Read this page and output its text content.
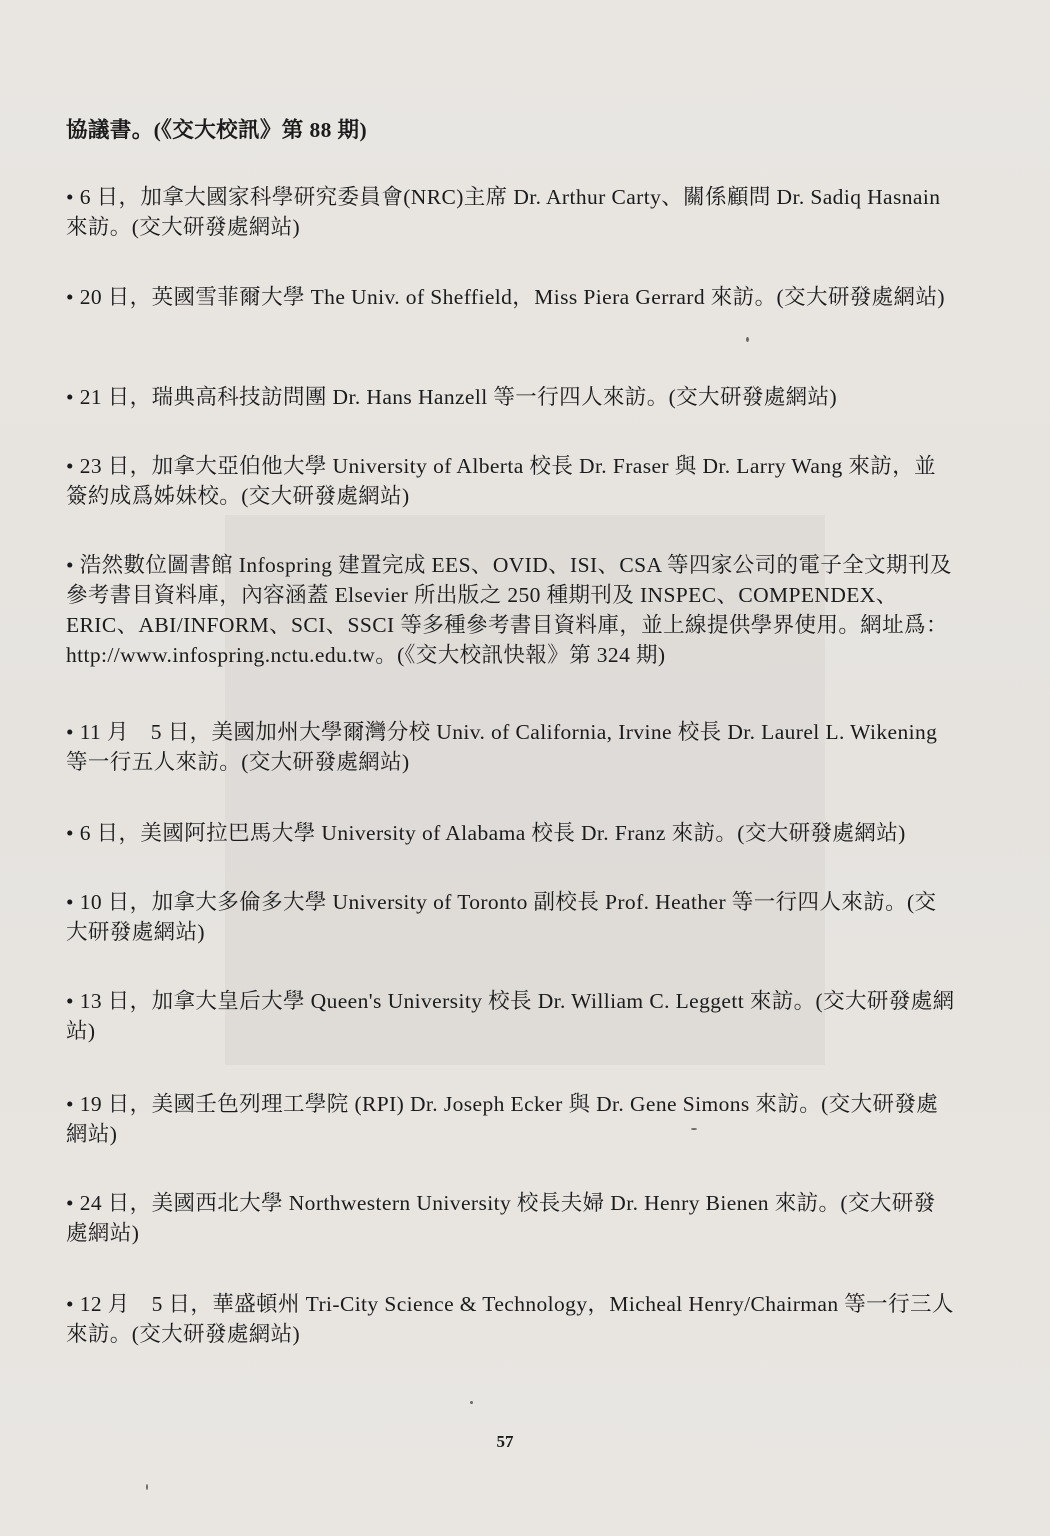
協議書。(《交大校訊》第 88 期)
• 6 日，加拿大國家科學研究委員會(NRC)主席 Dr. Arthur Carty、關係顧問 Dr. Sadiq Hasnain 來訪。(交大研發處網站)
• 20 日，英國雪菲爾大學 The Univ. of Sheffield，Miss Piera Gerrard 來訪。(交大研發處網站)
• 21 日，瑞典高科技訪問團 Dr. Hans Hanzell 等一行四人來訪。(交大研發處網站)
• 23 日，加拿大亞伯他大學 University of Alberta 校長 Dr. Fraser 與 Dr. Larry Wang 來訪，並簽約成爲姊妹校。(交大研發處網站)
• 浩然數位圖書館 Infospring 建置完成 EES、OVID、ISI、CSA 等四家公司的電子全文期刊及參考書目資料庫，內容涵蓋 Elsevier 所出版之 250 種期刊及 INSPEC、COMPENDEX、ERIC、ABI/INFORM、SCI、SSCI 等多種參考書目資料庫，並上線提供學界使用。網址爲：http://www.infospring.nctu.edu.tw。(《交大校訊快報》第 324 期)
• 11 月　5 日，美國加州大學爾灣分校 Univ. of California, Irvine 校長 Dr. Laurel L. Wikening 等一行五人來訪。(交大研發處網站)
• 6 日，美國阿拉巴馬大學 University of Alabama 校長 Dr. Franz 來訪。(交大研發處網站)
• 10 日，加拿大多倫多大學 University of Toronto 副校長 Prof. Heather 等一行四人來訪。(交大研發處網站)
• 13 日，加拿大皇后大學 Queen's University 校長 Dr. William C. Leggett 來訪。(交大研發處網站)
• 19 日，美國壬色列理工學院 (RPI) Dr. Joseph Ecker 與 Dr. Gene Simons 來訪。(交大研發處網站)
• 24 日，美國西北大學 Northwestern University 校長夫婦 Dr. Henry Bienen 來訪。(交大研發處網站)
• 12 月　5 日，華盛頓州 Tri-City Science & Technology，Micheal Henry/Chairman 等一行三人來訪。(交大研發處網站)
57
